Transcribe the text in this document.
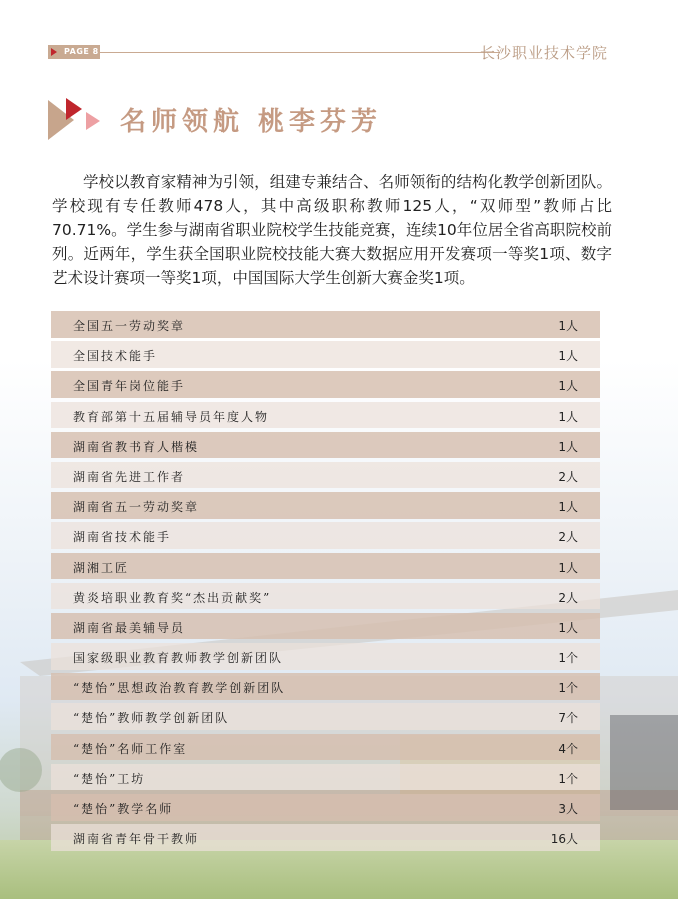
PAGE 8	长沙职业技术学院
名师领航 桃李芬芳

学校以教育家精神为引领，组建专兼结合、名师领衔的结构化教学创新团队。学校现有专任教师478人，其中高级职称教师125人，“双师型”教师占比70.71%。学生参与湖南省职业院校学生技能竞赛，连续10年位居全省高职院校前列。近两年，学生获全国职业院校技能大赛大数据应用开发赛项一等奖1项、数字艺术设计赛项一等奖1项，中国国际大学生创新大赛金奖1项。

全国五一劳动奖章	1人
全国技术能手	1人
全国青年岗位能手	1人
教育部第十五届辅导员年度人物	1人
湖南省教书育人楷模	1人
湖南省先进工作者	2人
湖南省五一劳动奖章	1人
湖南省技术能手	2人
湖湘工匠	1人
黄炎培职业教育奖“杰出贡献奖”	2人
湖南省最美辅导员	1人
国家级职业教育教师教学创新团队	1个
“楚怡”思想政治教育教学创新团队	1个
“楚怡”教师教学创新团队	7个
“楚怡”名师工作室	4个
“楚怡”工坊	1个
“楚怡”教学名师	3人
湖南省青年骨干教师	16人
